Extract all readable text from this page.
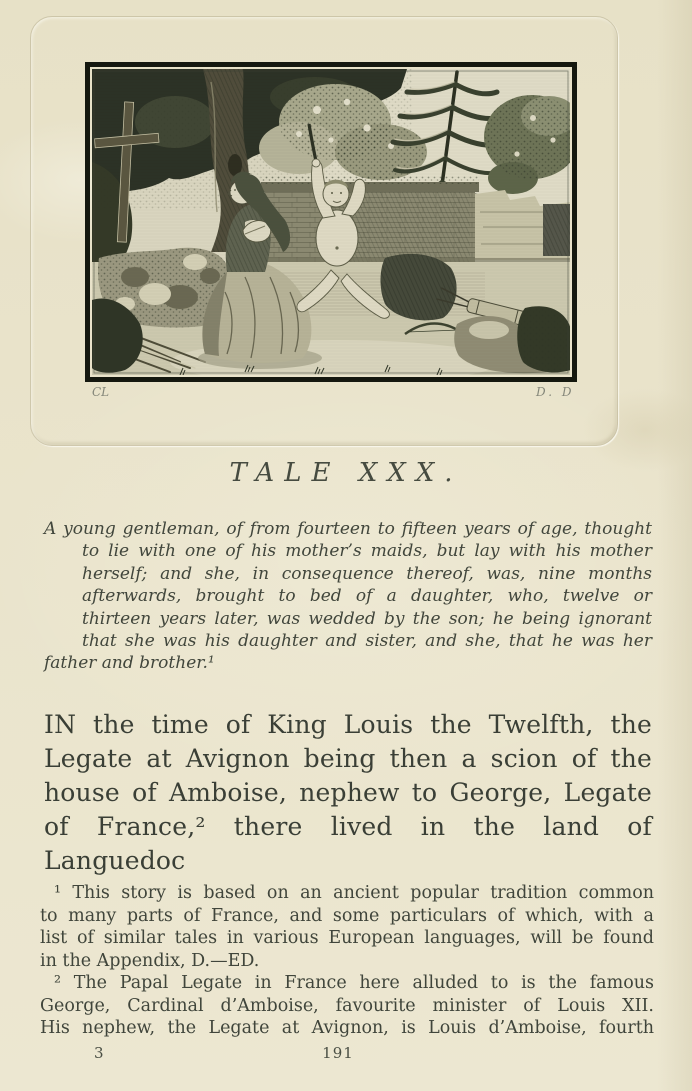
CL	D. D
TALE XXX.
A young gentleman, of from fourteen to fifteen years of age, thought
to lie with one of his mother’s maids, but lay with his mother
herself; and she, in consequence thereof, was, nine months
afterwards, brought to bed of a daughter, who, twelve or
thirteen years later, was wedded by the son; he being ignorant
that she was his daughter and sister, and she, that he was her
father and brother.¹
IN the time of King Louis the Twelfth, the
Legate at Avignon being then a scion of the
house of Amboise, nephew to George, Legate
of France,² there lived in the land of Languedoc
¹ This story is based on an ancient popular tradition common
to many parts of France, and some particulars of which, with a
list of similar tales in various European languages, will be found
in the Appendix, D.—ED.
² The Papal Legate in France here alluded to is the famous
George, Cardinal d’Amboise, favourite minister of Louis XII.
His nephew, the Legate at Avignon, is Louis d’Amboise, fourth
3	191
